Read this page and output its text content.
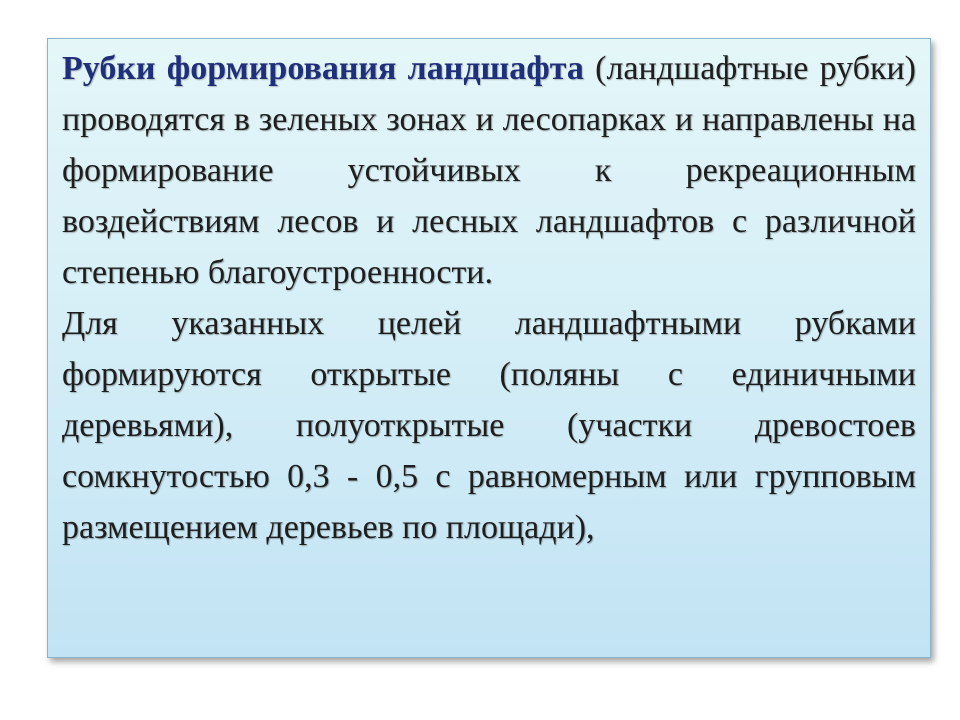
Рубки формирования ландшафта (ландшафтные рубки) проводятся в зеленых зонах и лесопарках и направлены на формирование устойчивых к рекреационным воздействиям лесов и лесных ландшафтов с различной степенью благоустроенности.

Для указанных целей ландшафтными рубками формируются открытые (поляны с единичными деревьями), полуоткрытые (участки древостоев сомкнутостью 0,3 - 0,5 с равномерным или групповым размещением деревьев по площади),
